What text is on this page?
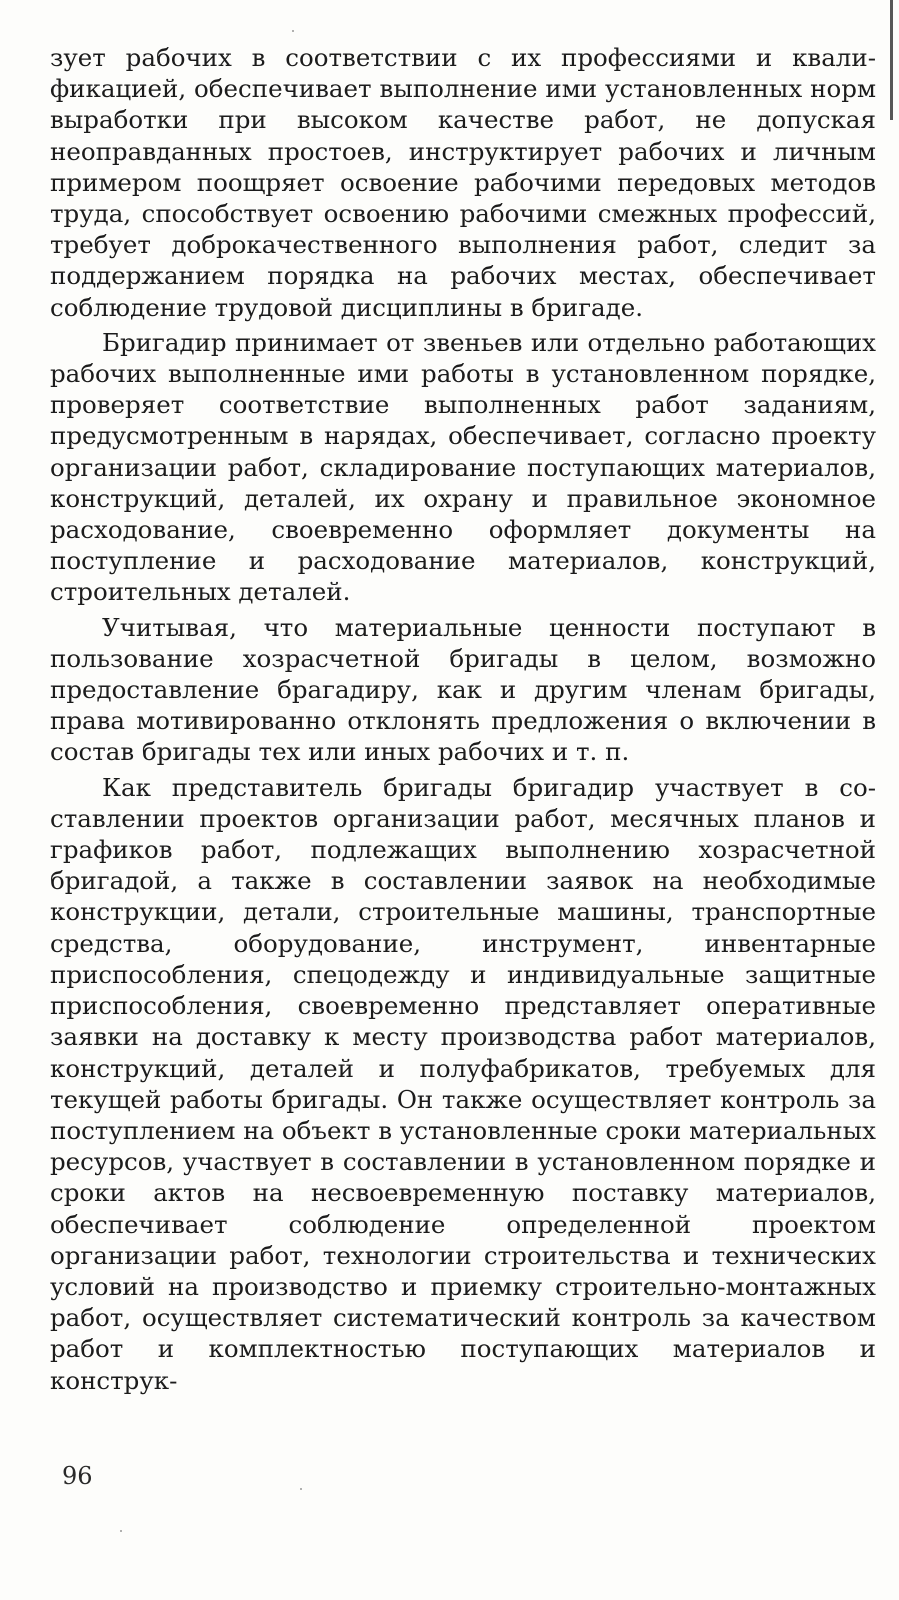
зует рабочих в соответствии с их профессиями и квалификацией, обеспечивает выполнение ими установленных норм выработки при высоком качестве работ, не допуская неоправданных простоев, инструктирует рабочих и личным примером поощряет освоение рабочими передовых методов труда, способствует освоению рабочими смежных профессий, требует доброкачественного выполнения работ, следит за поддержанием порядка на рабочих местах, обеспечивает соблюдение трудовой дисциплины в бригаде.

Бригадир принимает от звеньев или отдельно работающих рабочих выполненные ими работы в установленном порядке, проверяет соответствие выполненных работ заданиям, предусмотренным в нарядах, обеспечивает, согласно проекту организации работ, складирование поступающих материалов, конструкций, деталей, их охрану и правильное экономное расходование, своевременно оформляет документы на поступление и расходование материалов, конструкций, строительных деталей.

Учитывая, что материальные ценности поступают в пользование хозрасчетной бригады в целом, возможно предоставление брагадиру, как и другим членам бригады, права мотивированно отклонять предложения о включении в состав бригады тех или иных рабочих и т. п.

Как представитель бригады бригадир участвует в составлении проектов организации работ, месячных планов и графиков работ, подлежащих выполнению хозрасчетной бригадой, а также в составлении заявок на необходимые конструкции, детали, строительные машины, транспортные средства, оборудование, инструмент, инвентарные приспособления, спецодежду и индивидуальные защитные приспособления, своевременно представляет оперативные заявки на доставку к месту производства работ материалов, конструкций, деталей и полуфабрикатов, требуемых для текущей работы бригады. Он также осуществляет контроль за поступлением на объект в установленные сроки материальных ресурсов, участвует в составлении в установленном порядке и сроки актов на несвоевременную поставку материалов, обеспечивает соблюдение определенной проектом организации работ, технологии строительства и технических условий на производство и приемку строительно-монтажных работ, осуществляет систематический контроль за качеством работ и комплектностью поступающих материалов и конструк-

96
